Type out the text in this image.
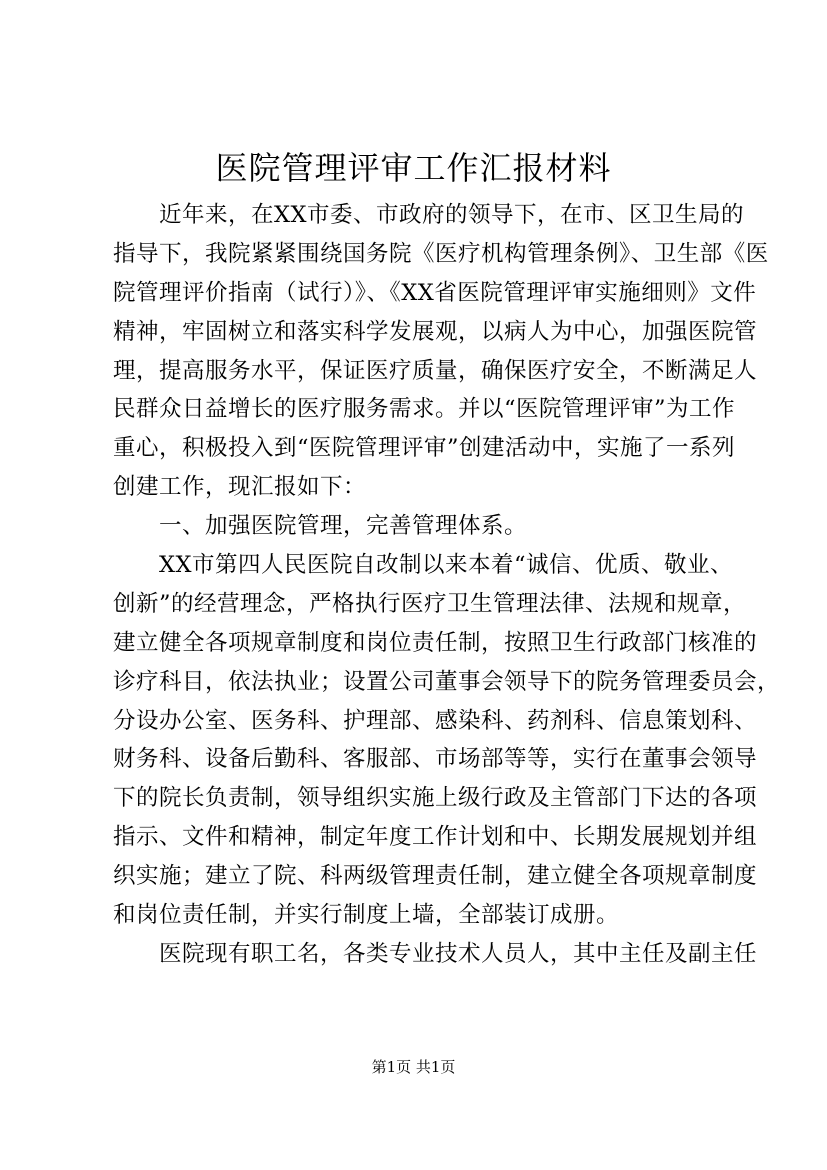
医院管理评审工作汇报材料
　　近年来，在XX市委、市政府的领导下，在市、区卫生局的
指导下，我院紧紧围绕国务院《医疗机构管理条例》、卫生部《医
院管理评价指南（试行）》、《XX省医院管理评审实施细则》文件
精神，牢固树立和落实科学发展观，以病人为中心，加强医院管
理，提高服务水平，保证医疗质量，确保医疗安全，不断满足人
民群众日益增长的医疗服务需求。并以“医院管理评审”为工作
重心，积极投入到“医院管理评审”创建活动中，实施了一系列
创建工作，现汇报如下：
　　一、加强医院管理，完善管理体系。
　　XX市第四人民医院自改制以来本着“诚信、优质、敬业、
创新”的经营理念，严格执行医疗卫生管理法律、法规和规章，
建立健全各项规章制度和岗位责任制，按照卫生行政部门核准的
诊疗科目，依法执业；设置公司董事会领导下的院务管理委员会，
分设办公室、医务科、护理部、感染科、药剂科、信息策划科、
财务科、设备后勤科、客服部、市场部等等，实行在董事会领导
下的院长负责制，领导组织实施上级行政及主管部门下达的各项
指示、文件和精神，制定年度工作计划和中、长期发展规划并组
织实施；建立了院、科两级管理责任制，建立健全各项规章制度
和岗位责任制，并实行制度上墙，全部装订成册。
　　医院现有职工名，各类专业技术人员人，其中主任及副主任
第1页 共1页
